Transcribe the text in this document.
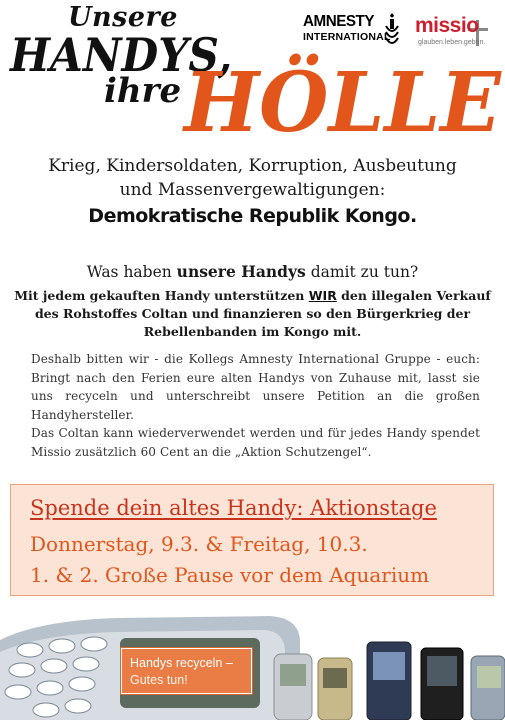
Unsere
HANDYS,
ihre HÖLLE
AMNESTY
INTERNATIONAL missio
glauben.leben.geben.
Krieg, Kindersoldaten, Korruption, Ausbeutung
und Massenvergewaltigungen:
Demokratische Republik Kongo.
Was haben unsere Handys damit zu tun?
Mit jedem gekauften Handy unterstützen WIR den illegalen Verkauf
des Rohstoffes Coltan und finanzieren so den Bürgerkrieg der
Rebellenbanden im Kongo mit.

Deshalb bitten wir - die Kollegs Amnesty International Gruppe - euch: Bringt nach den Ferien eure alten Handys von Zuhause mit, lasst sie uns recyceln und unterschreibt unsere Petition an die großen Handyhersteller.

Das Coltan kann wiederverwendet werden und für jedes Handy spendet Missio zusätzlich 60 Cent an die „Aktion Schutzengel“.

Spende dein altes Handy: Aktionstage
Donnerstag, 9.3. & Freitag, 10.3.
1. & 2. Große Pause vor dem Aquarium
Handys recyceln –
Gutes tun!
